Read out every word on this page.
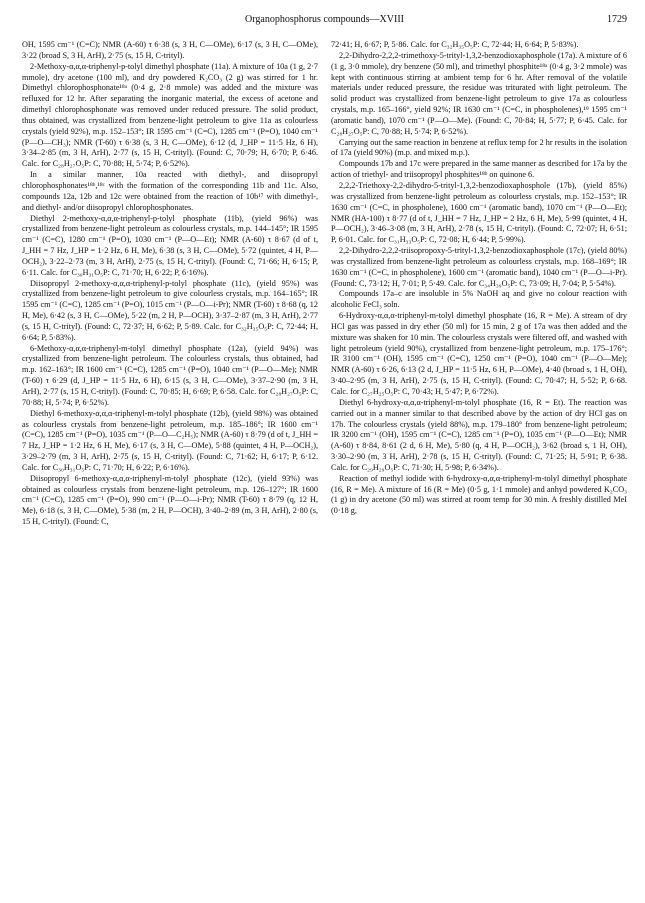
Organophosphorus compounds—XVIII	1729

OH, 1595 cm⁻¹ (C=C); NMR (A-60) τ 6·38 (s, 3 H, C—OMe), 6·17 (s, 3 H, C—OMe), 3·22 (broad S, 3 H, ArH), 2·75 (s, 15 H, C-trityl).

2-Methoxy-α,α,α-triphenyl-p-tolyl dimethyl phosphate (11a). A mixture of 10a (1 g, 2·7 mmole), dry acetone (100 ml), and dry powdered K₂CO₃ (2 g) was stirred for 1 hr. Dimethyl chlorophosphonate¹⁸ᵃ (0·4 g, 2·8 mmole) was added and the mixture was refluxed for 12 hr. After separating the inorganic material, the excess of acetone and dimethyl chlorophosphonate was removed under reduced pressure. The solid product, thus obtained, was crystallized from benzene-light petroleum to give 11a as colourless crystals (yield 92%), m.p. 152–153°; IR 1595 cm⁻¹ (C=C), 1285 cm⁻¹ (P=O), 1040 cm⁻¹ (P—O—CH₃); NMR (T-60) τ 6·38 (s, 3 H, C—OMe), 6·12 (d, J_HP = 11·5 Hz, 6 H), 3·34–2·85 (m, 3 H, ArH), 2·77 (s, 15 H, C-trityl). (Found: C, 70·79; H, 6·70; P, 6·46. Calc. for C₂₈H₂₇O₅P: C, 70·88; H, 5·74; P, 6·52%).

In a similar manner, 10a reacted with diethyl-, and diisopropyl chlorophosphonates¹⁸ᵇ,¹⁸ᶜ with the formation of the corresponding 11b and 11c. Also, compounds 12a, 12b and 12c were obtained from the reaction of 10b¹⁷ with dimethyl-, and diethyl- and/or diisopropyl chlorophosphonates.

Diethyl 2-methoxy-α,α,α-triphenyl-p-tolyl phosphate (11b), (yield 96%) was crystallized from benzene-light petroleum as colourless crystals, m.p. 144–145°; IR 1595 cm⁻¹ (C=C), 1280 cm⁻¹ (P=O), 1030 cm⁻¹ (P—O—Et); NMR (A-60) τ 8·67 (d of t, J_HH = 7 Hz, J_HP = 1·2 Hz, 6 H, Me), 6·38 (s, 3 H, C—OMe), 5·72 (quintet, 4 H, P—OCH₂), 3·22–2·73 (m, 3 H, ArH), 2·75 (s, 15 H, C-trityl). (Found: C, 71·66; H, 6·15; P, 6·11. Calc. for C₃₀H₃₁O₅P: C, 71·70; H, 6·22; P, 6·16%).

Diisopropyl 2-methoxy-α,α,α-triphenyl-p-tolyl phosphate (11c), (yield 95%) was crystallized from benzene-light petroleum to give colourless crystals, m.p. 164–165°; IR 1595 cm⁻¹ (C=C), 1285 cm⁻¹ (P=O), 1015 cm⁻¹ (P—O—i-Pr); NMR (T-60) τ 8·68 (q, 12 H, Me), 6·42 (s, 3 H, C—OMe), 5·22 (m, 2 H, P—OCH), 3·37–2·87 (m, 3 H, ArH), 2·77 (s, 15 H, C-trityl). (Found: C, 72·37; H, 6·62; P, 5·89. Calc. for C₃₂H₃₅O₅P: C, 72·44; H, 6·64; P, 5·83%).

6-Methoxy-α,α,α-triphenyl-m-tolyl dimethyl phosphate (12a), (yield 94%) was crystallized from benzene-light petroleum. The colourless crystals, thus obtained, had m.p. 162–163°; IR 1600 cm⁻¹ (C=C), 1285 cm⁻¹ (P=O), 1040 cm⁻¹ (P—O—Me); NMR (T-60) τ 6·29 (d, J_HP = 11·5 Hz, 6 H), 6·15 (s, 3 H, C—OMe), 3·37–2·90 (m, 3 H, ArH), 2·77 (s, 15 H, C-trityl). (Found: C, 70·85; H, 6·69; P, 6·58. Calc. for C₂₈H₂₇O₅P: C, 70·88; H, 5·74; P, 6·52%).

Diethyl 6-methoxy-α,α,α-triphenyl-m-tolyl phosphate (12b), (yield 98%) was obtained as colourless crystals from benzene-light petroleum, m.p. 185–186°; IR 1600 cm⁻¹ (C=C), 1285 cm⁻¹ (P=O), 1035 cm⁻¹ (P—O—C₂H₅); NMR (A-60) τ 8·79 (d of t, J_HH = 7 Hz, J_HP = 1·2 Hz, 6 H, Me), 6·17 (s, 3 H, C—OMe), 5·88 (quintet, 4 H, P—OCH₂), 3·29–2·79 (m, 3 H, ArH), 2·75 (s, 15 H, C-trityl). (Found: C, 71·62; H, 6·17; P, 6·12. Calc. for C₃₀H₃₁O₅P: C, 71·70; H, 6·22; P, 6·16%).

Diisopropyl 6-methoxy-α,α,α-triphenyl-m-tolyl phosphate (12c), (yield 93%) was obtained as colourless crystals from benzene-light petroleum, m.p. 126–127°; IR 1600 cm⁻¹ (C=C), 1285 cm⁻¹ (P=O), 990 cm⁻¹ (P—O—i-Pr); NMR (T-60) τ 8·79 (q, 12 H, Me), 6·18 (s, 3 H, C—OMe), 5·38 (m, 2 H, P—OCH), 3·40–2·89 (m, 3 H, ArH), 2·80 (s, 15 H, C-trityl). (Found: C,

72·41; H, 6·67; P, 5·86. Calc. for C₃₂H₃₅O₅P: C, 72·44; H, 6·64; P, 5·83%).

2,2-Dihydro-2,2,2-trimethoxy-5-trityl-1,3,2-benzodioxaphosphole (17a). A mixture of 6 (1 g, 3·0 mmole), dry benzene (50 ml), and trimethyl phosphite¹⁸ᵃ (0·4 g, 3·2 mmole) was kept with continuous stirring at ambient temp for 6 hr. After removal of the volatile materials under reduced pressure, the residue was triturated with light petroleum. The solid product was crystallized from benzene-light petroleum to give 17a as colourless crystals, m.p. 165–166°, yield 92%; IR 1630 cm⁻¹ (C=C, in phospholenes),¹⁹ 1595 cm⁻¹ (aromatic band), 1070 cm⁻¹ (P—O—Me). (Found: C, 70·84; H, 5·77; P, 6·45. Calc. for C₂₈H₂₇O₅P: C, 70·88; H, 5·74; P, 6·52%).

Carrying out the same reaction in benzene at reflux temp for 2 hr results in the isolation of 17a (yield 90%) (m.p. and mixed m.p.).

Compounds 17b and 17c were prepared in the same manner as described for 17a by the action of triethyl- and triisopropyl phosphites¹⁸ᵇ on quinone 6.

2,2,2-Triethoxy-2,2-dihydro-5-trityl-1,3,2-benzodioxaphosphole (17b), (yield 85%) was crystallized from benzene-light petroleum as colourless crystals, m.p. 152–153°; IR 1630 cm⁻¹ (C=C, in phospholene), 1600 cm⁻¹ (aromatic band), 1070 cm⁻¹ (P—O—Et); NMR (HA-100) τ 8·77 (d of t, J_HH = 7 Hz, J_HP = 2 Hz, 6 H, Me), 5·99 (quintet, 4 H, P—OCH₂), 3·46–3·08 (m, 3 H, ArH), 2·78 (s, 15 H, C-trityl). (Found: C, 72·07; H, 6·51; P, 6·01. Calc. for C₃₁H₃₃O₅P: C, 72·08; H, 6·44; P, 5·99%).

2,2-Dihydro-2,2,2-triisopropoxy-5-trityl-1,3,2-benzodioxaphosphole (17c), (yield 80%) was crystallized from benzene-light petroleum as colourless crystals, m.p. 168–169°; IR 1630 cm⁻¹ (C=C, in phospholene), 1600 cm⁻¹ (aromatic band), 1040 cm⁻¹ (P—O—i-Pr). (Found: C, 73·12; H, 7·01; P, 5·49. Calc. for C₃₄H₃₉O₅P: C, 73·09; H, 7·04; P, 5·54%).

Compounds 17a–c are insoluble in 5% NaOH aq and give no colour reaction with alcoholic FeCl₃ soln.

6-Hydroxy-α,α,α-triphenyl-m-tolyl dimethyl phosphate (16, R = Me). A stream of dry HCl gas was passed in dry ether (50 ml) for 15 min, 2 g of 17a was then added and the mixture was shaken for 10 min. The colourless crystals were filtered off, and washed with light petroleum (yield 90%), crystallized from benzene-light petroleum, m.p. 175–176°; IR 3100 cm⁻¹ (OH), 1595 cm⁻¹ (C=C), 1250 cm⁻¹ (P=O), 1040 cm⁻¹ (P—O—Me); NMR (A-60) τ 6·26, 6·13 (2 d, J_HP = 11·5 Hz, 6 H, P—OMe), 4·40 (broad s, 1 H, OH), 3·40–2·95 (m, 3 H, ArH), 2·75 (s, 15 H, C-trityl). (Found: C, 70·47; H, 5·52; P, 6·68. Calc. for C₂₇H₂₅O₅P: C, 70·43; H, 5·47; P, 6·72%).

Diethyl 6-hydroxy-α,α,α-triphenyl-m-tolyl phosphate (16, R = Et). The reaction was carried out in a manner similar to that described above by the action of dry HCl gas on 17b. The colourless crystals (yield 88%), m.p. 179–180° from benzene-light petroleum; IR 3200 cm⁻¹ (OH), 1595 cm⁻¹ (C=C), 1285 cm⁻¹ (P=O), 1035 cm⁻¹ (P—O—Et); NMR (A-60) τ 8·84, 8·61 (2 d, 6 H, Me), 5·80 (q, 4 H, P—OCH₂), 3·62 (broad s, 1 H, OH), 3·30–2·90 (m, 3 H, ArH), 2·78 (s, 15 H, C-trityl). (Found: C, 71·25; H, 5·91; P, 6·38. Calc. for C₂₉H₂₉O₅P: C, 71·30; H, 5·98; P, 6·34%).

Reaction of methyl iodide with 6-hydroxy-α,α,α-triphenyl-m-tolyl dimethyl phosphate (16, R = Me). A mixture of 16 (R = Me) (0·5 g, 1·1 mmole) and anhyd powdered K₂CO₃ (1 g) in dry acetone (50 ml) was stirred at room temp for 30 min. A freshly distilled MeI (0·18 g,
